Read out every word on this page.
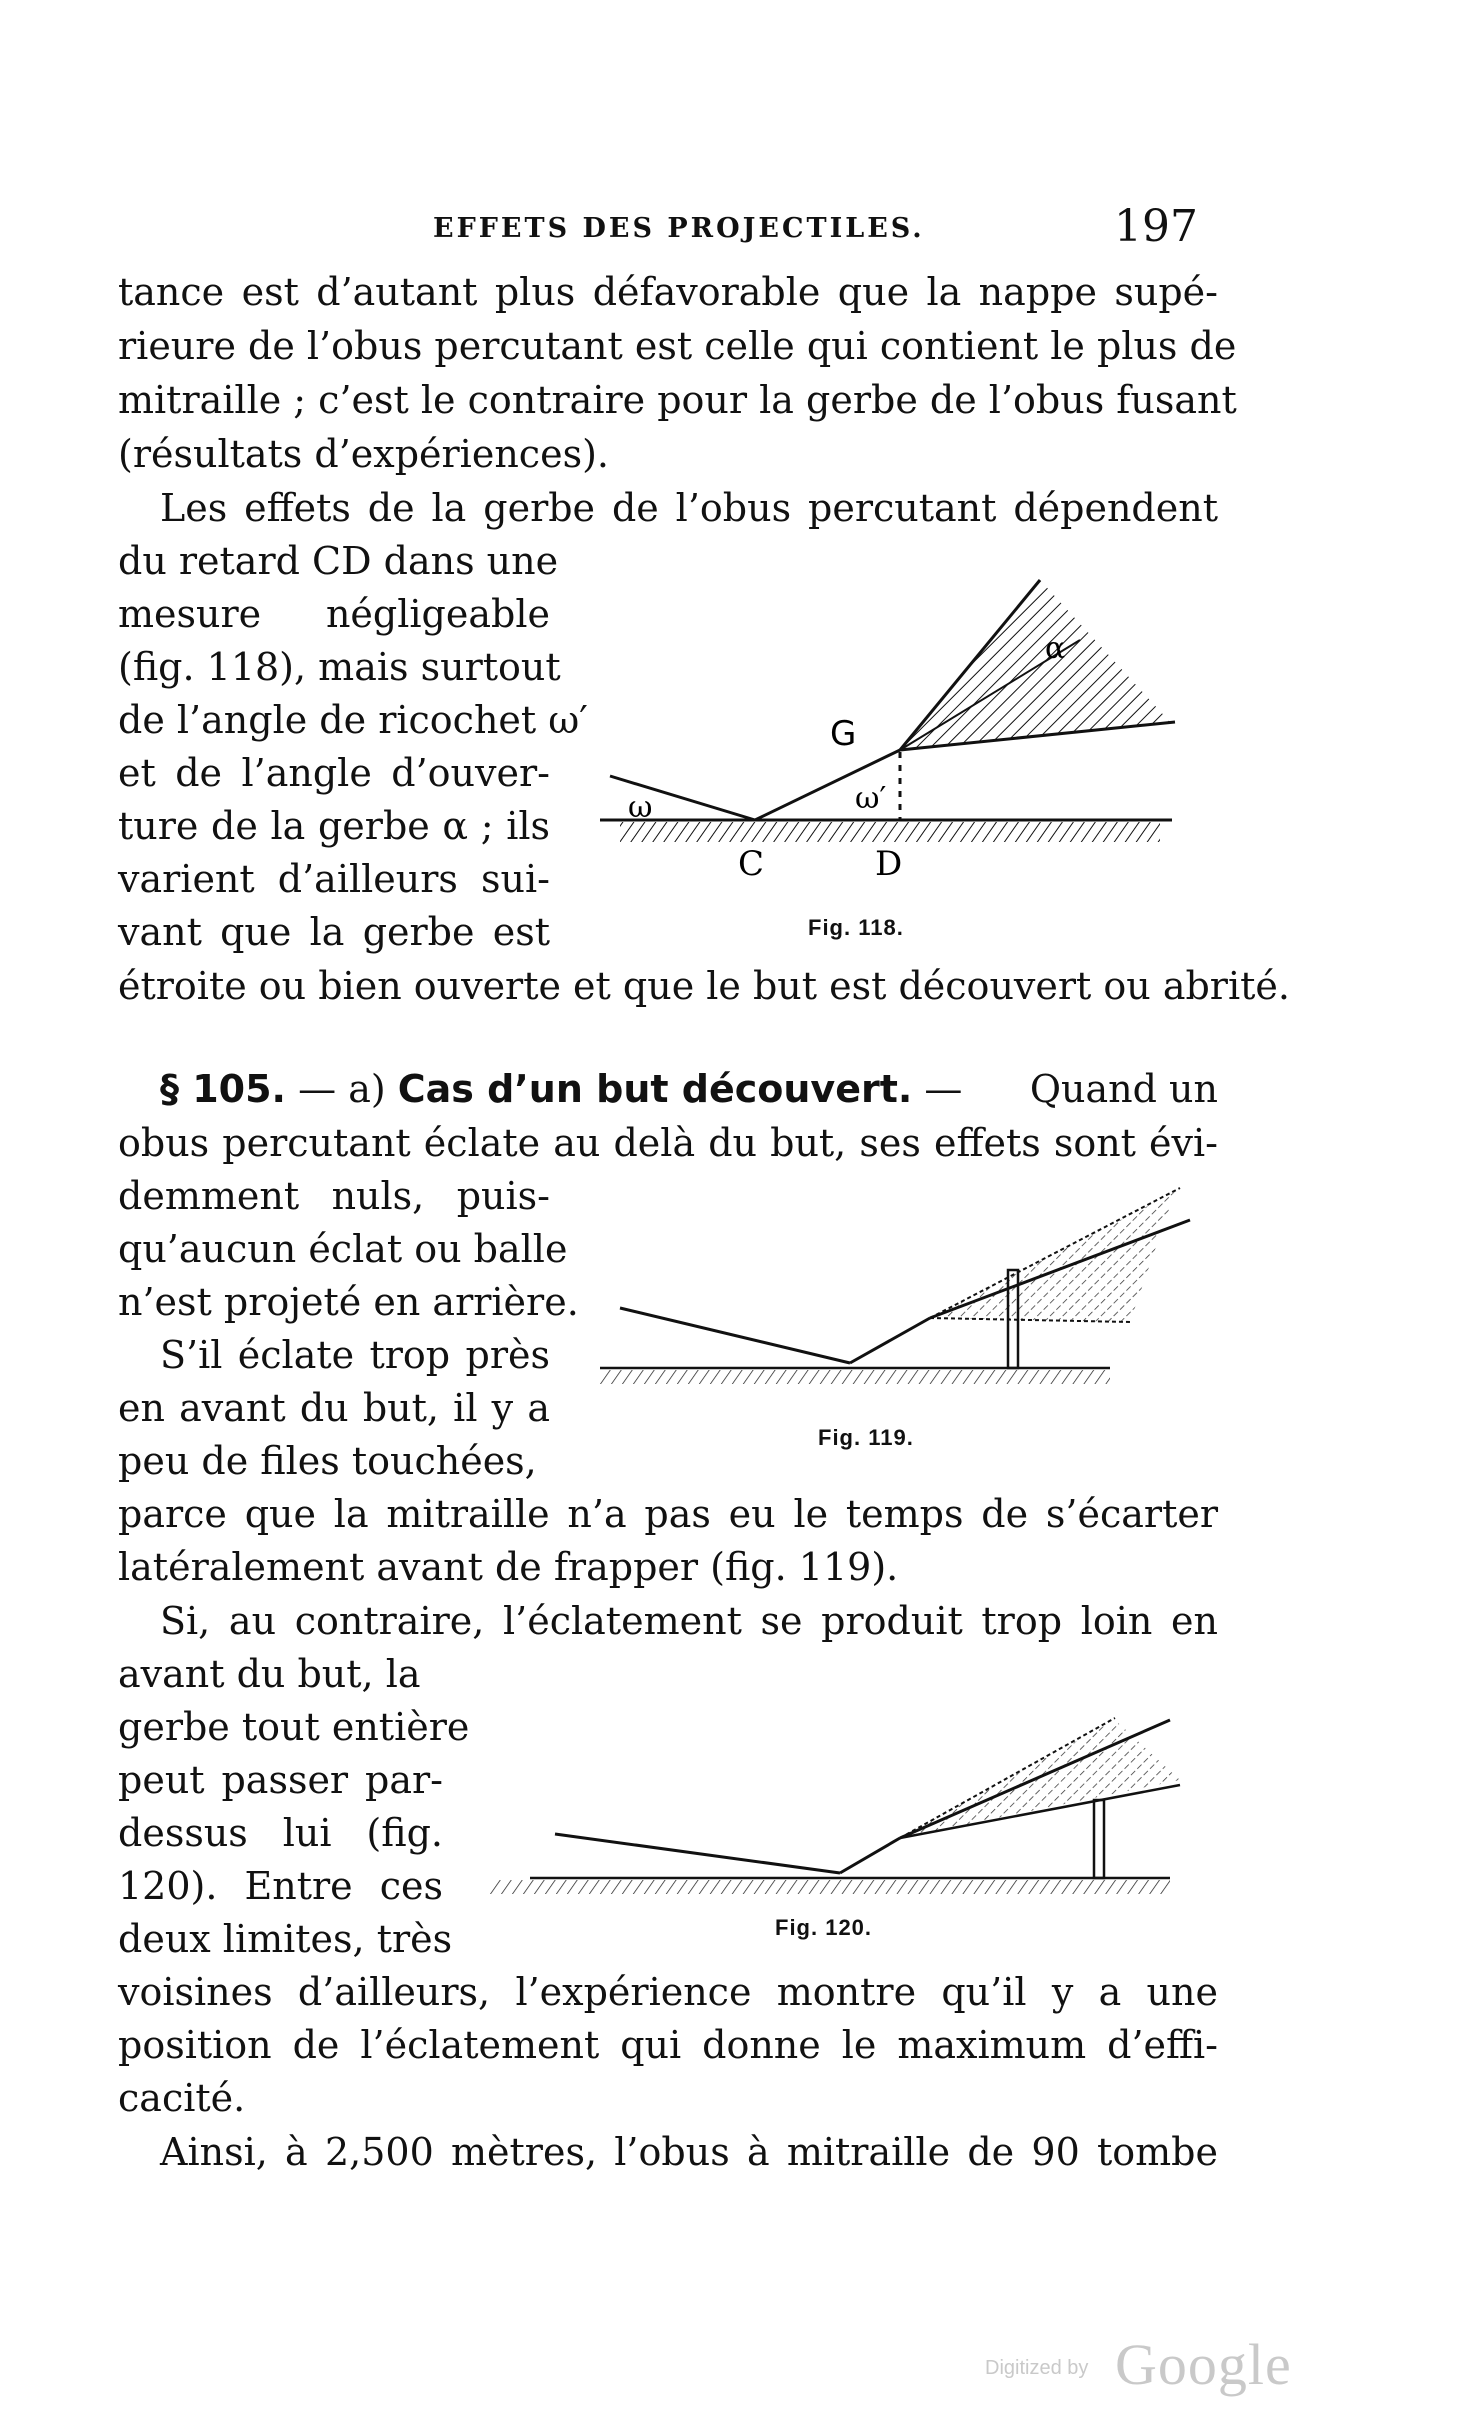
EFFETS DES PROJECTILES.	197
tance est d’autant plus défavorable que la nappe supé-
rieure de l’obus percutant est celle qui contient le plus de
mitraille ; c’est le contraire pour la gerbe de l’obus fusant
(résultats d’expériences).
Les effets de la gerbe de l’obus percutant dépendent
du retard CD dans une
mesure négligeable
(fig. 118), mais surtout
de l’angle de ricochet ω′
et de l’angle d’ouver-
ture de la gerbe α ; ils
varient d’ailleurs sui-
vant que la gerbe est
étroite ou bien ouverte et que le but est découvert ou abrité.
G
C	D
ω	ω′
α
Fig. 118.
§ 105. — a) Cas d’un but découvert. — Quand un
obus percutant éclate au delà du but, ses effets sont évi-
demment nuls, puis-
qu’aucun éclat ou balle
n’est projeté en arrière.
S’il éclate trop près
en avant du but, il y a
peu de files touchées,
parce que la mitraille n’a pas eu le temps de s’écarter
latéralement avant de frapper (fig. 119).
Fig. 119.
Si, au contraire, l’éclatement se produit trop loin en
avant du but, la
gerbe tout entière
peut passer par-
dessus lui (fig.
120). Entre ces
deux limites, très
voisines d’ailleurs, l’expérience montre qu’il y a une
position de l’éclatement qui donne le maximum d’effi-
cacité.
Fig. 120.
Ainsi, à 2,500 mètres, l’obus à mitraille de 90 tombe
Digitized by Google
